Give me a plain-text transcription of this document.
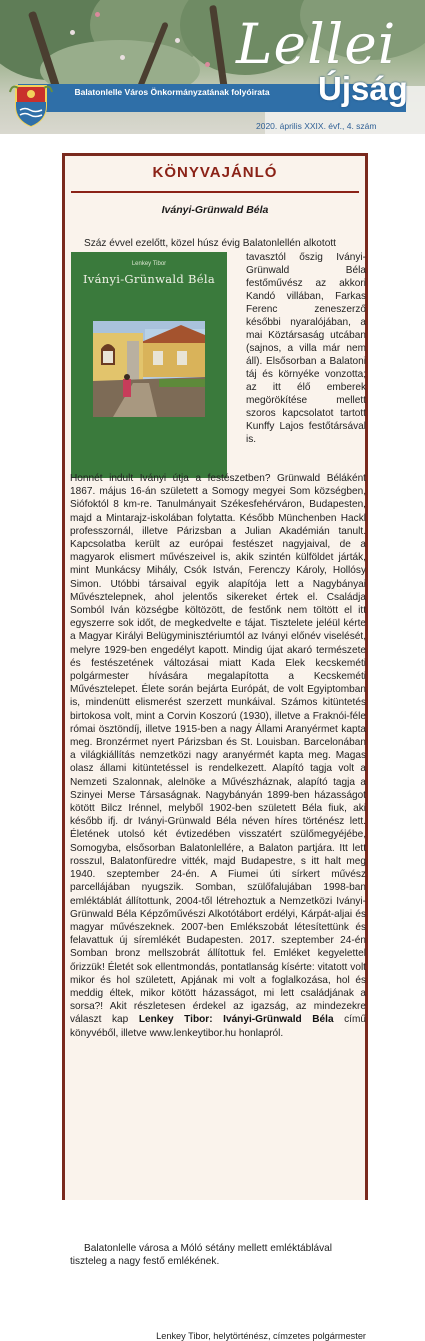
Balatonlelle Város Önkormányzatának folyóirata
Lellei
Újság
2020. április XXIX. évf., 4. szám
KÖNYVAJÁNLÓ
Iványi-Grünwald Béla

Száz évvel ezelőtt, közel húsz évig Balatonlellén alkotott

Lenkey Tibor
Iványi-Grünwald Béla

tavasztól őszig Iványi-Grünwald Béla festőművész az akkori Kandó villában, Farkas Ferenc zeneszerző későbbi nyaralójában, a mai Köztársaság utcában (sajnos, a villa már nem áll). Elsősorban a Balatoni táj és környéke vonzotta; az itt élő emberek megörökítése mellett szoros kapcsolatot tartott Kunffy Lajos festőtársával is.

Honnét indult Iványi útja a festészetben? Grünwald Béláként 1867. május 16-án született a Somogy megyei Som községben, Siófoktól 8 km-re. Tanulmányait Székesfehérváron, Budapesten, majd a Mintarajz-iskolában folytatta. Később Münchenben Hackl professzornál, illetve Párizsban a Julian Akadémián tanult. Kapcsolatba került az európai festészet nagyjaival, de a magyarok elismert művészeivel is, akik szintén külföldet járták, mint Munkácsy Mihály, Csók István, Ferenczy Károly, Hollósy Simon. Utóbbi társaival egyik alapítója lett a Nagybányai Művésztelepnek, ahol jelentős sikereket értek el. Családja Somból Iván községbe költözött, de festőnk nem töltött el itt egyszerre sok időt, de megkedvelte e tájat. Tisztelete jeléül kérte a Magyar Királyi Belügyminisztériumtól az Iványi előnév viselését, melyre 1929-ben engedélyt kapott. Mindig újat akaró természete és festészetének változásai miatt Kada Elek kecskeméti polgármester hívására megalapította a Kecskeméti Művésztelepet. Élete során bejárta Európát, de volt Egyiptomban is, mindenütt elismerést szerzett munkáival. Számos kitüntetés birtokosa volt, mint a Corvin Koszorú (1930), illetve a Fraknói-féle római ösztöndíj, illetve 1915-ben a nagy Állami Aranyérmet kapta meg. Bronzérmet nyert Párizsban és St. Louisban. Barcelonában a világkiállítás nemzetközi nagy aranyérmét kapta meg. Magas olasz állami kitüntetéssel is rendelkezett. Alapító tagja volt a Nemzeti Szalonnak, alelnöke a Művészháznak, alapító tagja a Szinyei Merse Társaságnak. Nagybányán 1899-ben házasságot kötött Bilcz Irénnel, melyből 1902-ben született Béla fiuk, aki később ifj. dr Iványi-Grünwald Béla néven híres történész lett. Életének utolsó két évtizedében visszatért szülőmegyéjébe, Somogyba, elsősorban Balatonlellére, a Balaton partjára. Itt lett rosszul, Balatonfüredre vitték, majd Budapestre, s itt halt meg 1940. szeptember 24-én. A Fiumei úti sírkert művész parcellájában nyugszik. Somban, szülőfalujában 1998-ban emléktáblát állítottunk, 2004-től létrehoztuk a Nemzetközi Iványi-Grünwald Béla Képzőművészi Alkotótábort erdélyi, Kárpát-aljai és magyar művészeknek. 2007-ben Emlékszobát létesítettünk és felavattuk új síremlékét Budapesten. 2017. szeptember 24-én Somban bronz mellszobrát állítottuk fel. Emléket kegyelettel őrizzük! Életét sok ellentmondás, pontatlanság kísérte: vitatott volt mikor és hol született, Apjának mi volt a foglalkozása, hol és meddig éltek, mikor kötött házasságot, mi lett családjának a sorsa?! Akit részletesen érdekel az igazság, az mindezekre választ kap Lenkey Tibor: Iványi-Grünwald Béla című könyvéből, illetve www.lenkeytibor.hu honlapról.

Balatonlelle városa a Móló sétány mellett emléktáblával tiszteleg a nagy festő emlékének.

Lenkey Tibor, helytörténész, címzetes polgármester
